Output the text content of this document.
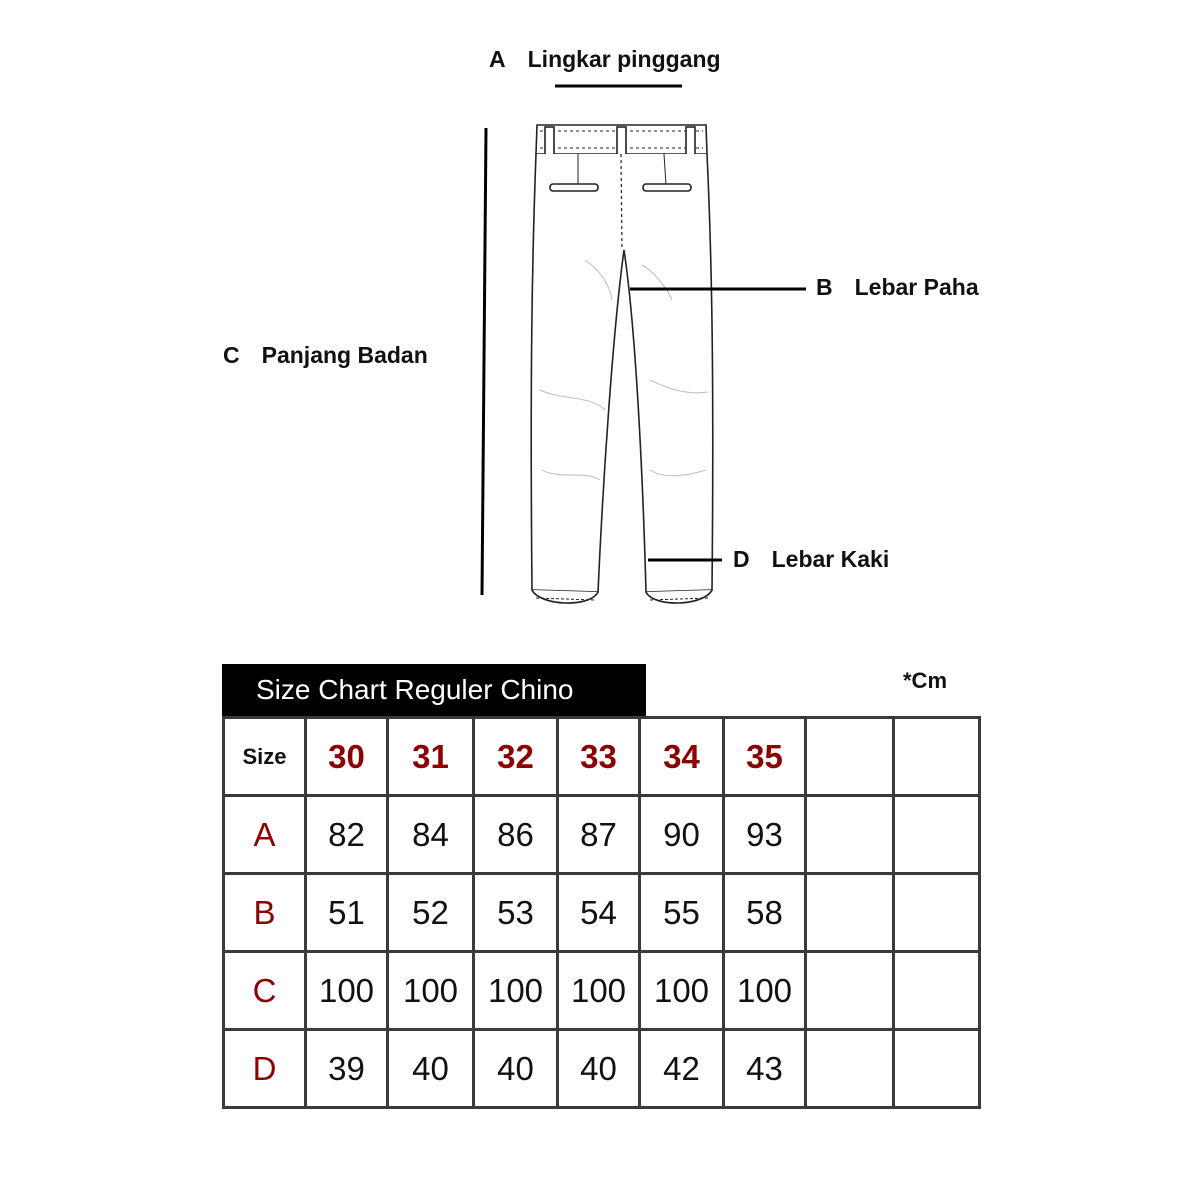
A Lingkar pinggang
B Lebar Paha
C Panjang Badan
D Lebar Kaki
Size Chart Reguler Chino	*Cm
Size	30	31	32	33	34	35		
A	82	84	86	87	90	93		
B	51	52	53	54	55	58		
C	100	100	100	100	100	100		
D	39	40	40	40	42	43		
